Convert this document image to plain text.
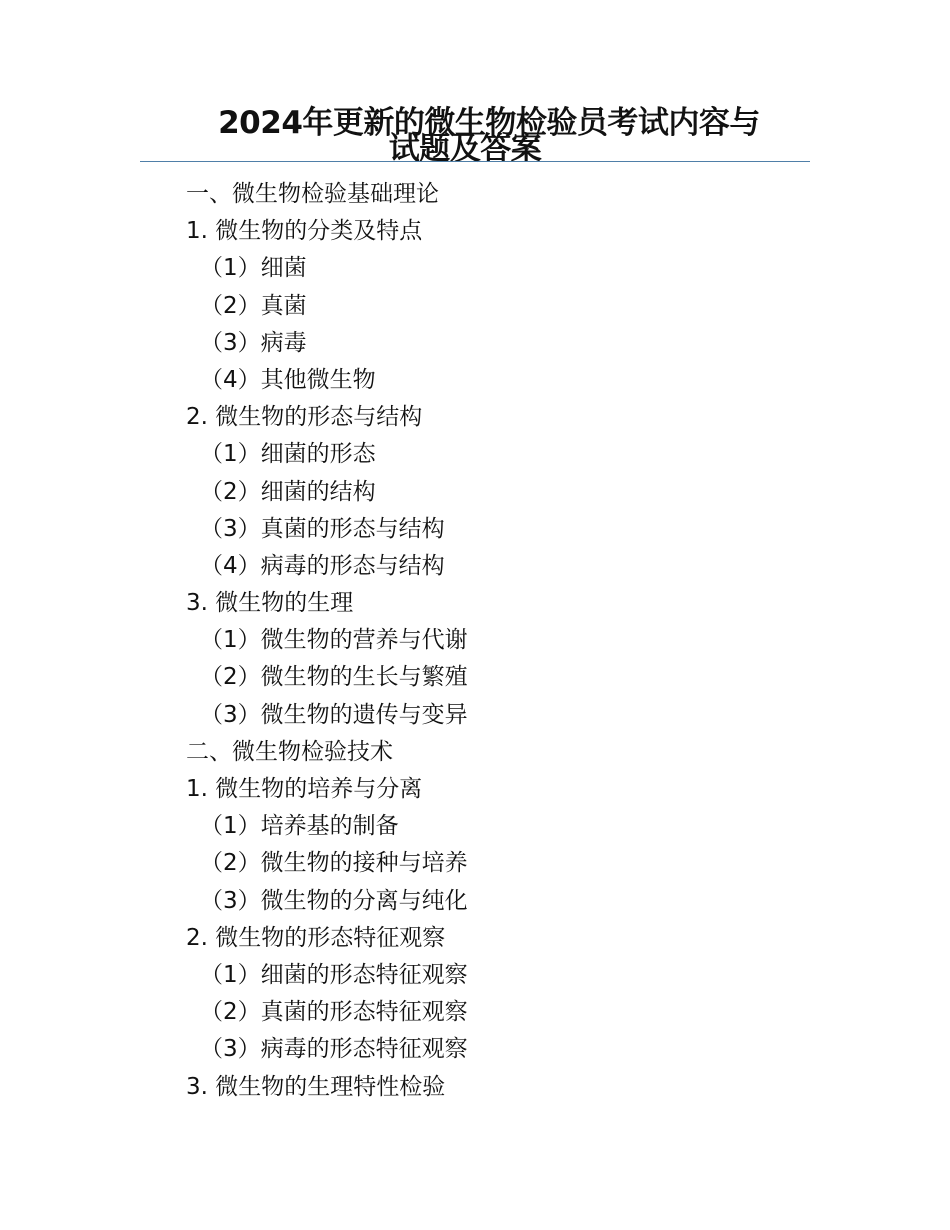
2024年更新的微生物检验员考试内容与
试题及答案
一、微生物检验基础理论
1. 微生物的分类及特点
（1）细菌
（2）真菌
（3）病毒
（4）其他微生物
2. 微生物的形态与结构
（1）细菌的形态
（2）细菌的结构
（3）真菌的形态与结构
（4）病毒的形态与结构
3. 微生物的生理
（1）微生物的营养与代谢
（2）微生物的生长与繁殖
（3）微生物的遗传与变异
二、微生物检验技术
1. 微生物的培养与分离
（1）培养基的制备
（2）微生物的接种与培养
（3）微生物的分离与纯化
2. 微生物的形态特征观察
（1）细菌的形态特征观察
（2）真菌的形态特征观察
（3）病毒的形态特征观察
3. 微生物的生理特性检验
